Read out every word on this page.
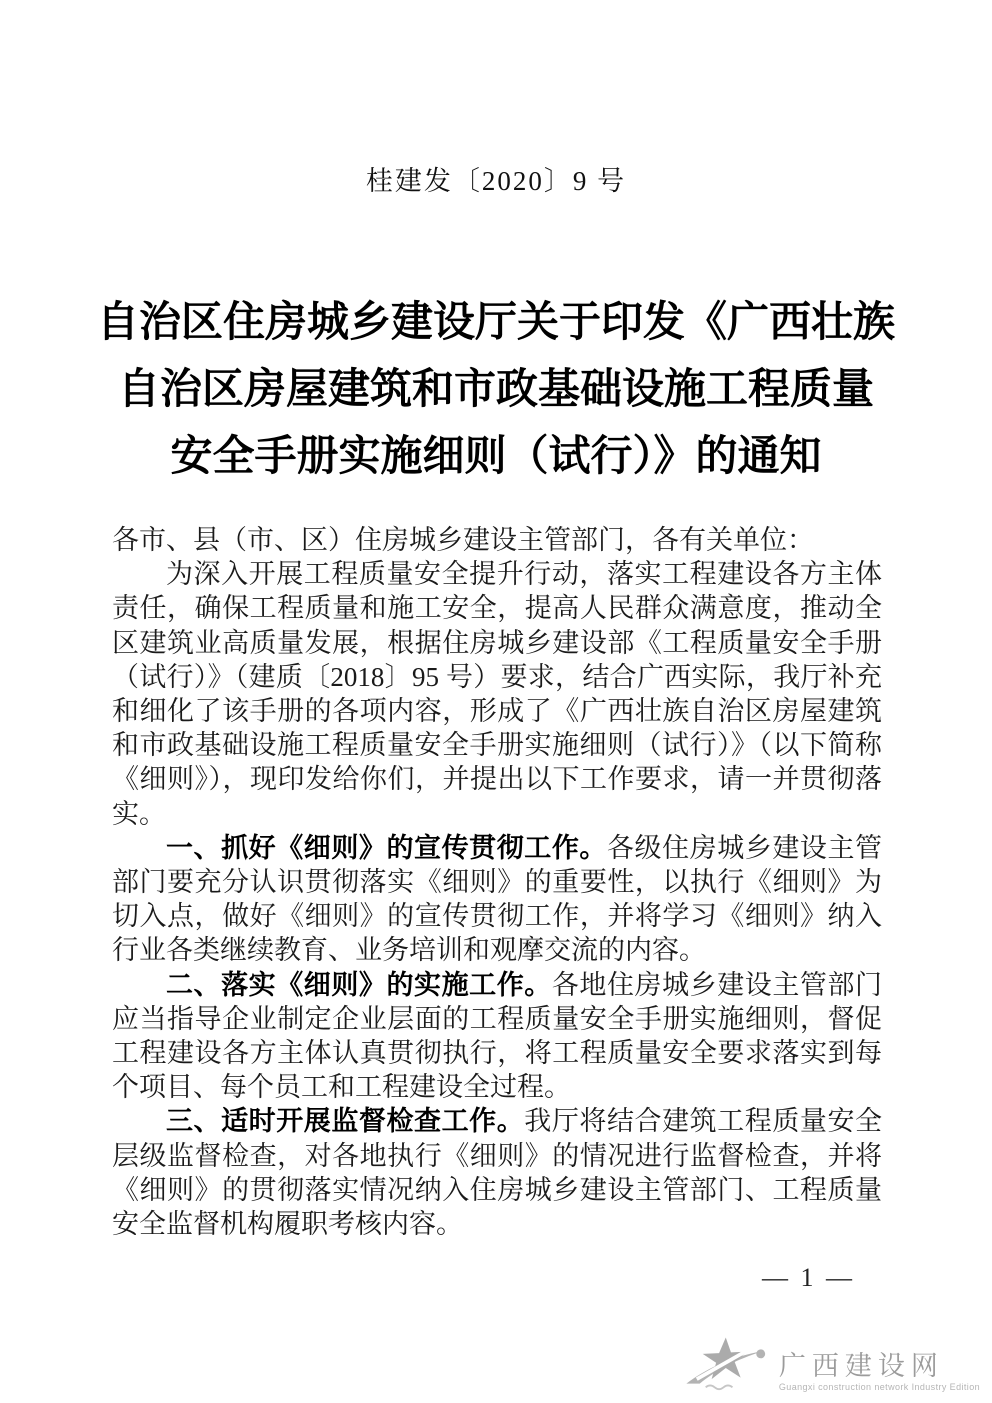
桂建发〔2020〕9 号
自治区住房城乡建设厅关于印发《广西壮族
自治区房屋建筑和市政基础设施工程质量
安全手册实施细则（试行）》的通知

各市、县（市、区）住房城乡建设主管部门，各有关单位：

为深入开展工程质量安全提升行动，落实工程建设各方主体责任，确保工程质量和施工安全，提高人民群众满意度，推动全区建筑业高质量发展，根据住房城乡建设部《工程质量安全手册（试行）》（建质〔2018〕95 号）要求，结合广西实际，我厅补充和细化了该手册的各项内容，形成了《广西壮族自治区房屋建筑和市政基础设施工程质量安全手册实施细则（试行）》（以下简称《细则》），现印发给你们，并提出以下工作要求，请一并贯彻落实。

一、抓好《细则》的宣传贯彻工作。各级住房城乡建设主管部门要充分认识贯彻落实《细则》的重要性，以执行《细则》为切入点，做好《细则》的宣传贯彻工作，并将学习《细则》纳入行业各类继续教育、业务培训和观摩交流的内容。

二、落实《细则》的实施工作。各地住房城乡建设主管部门应当指导企业制定企业层面的工程质量安全手册实施细则，督促工程建设各方主体认真贯彻执行，将工程质量安全要求落实到每个项目、每个员工和工程建设全过程。

三、适时开展监督检查工作。我厅将结合建筑工程质量安全层级监督检查，对各地执行《细则》的情况进行监督检查，并将《细则》的贯彻落实情况纳入住房城乡建设主管部门、工程质量安全监督机构履职考核内容。

— 1 —
广西建设网
Guangxi construction network Industry Edition
